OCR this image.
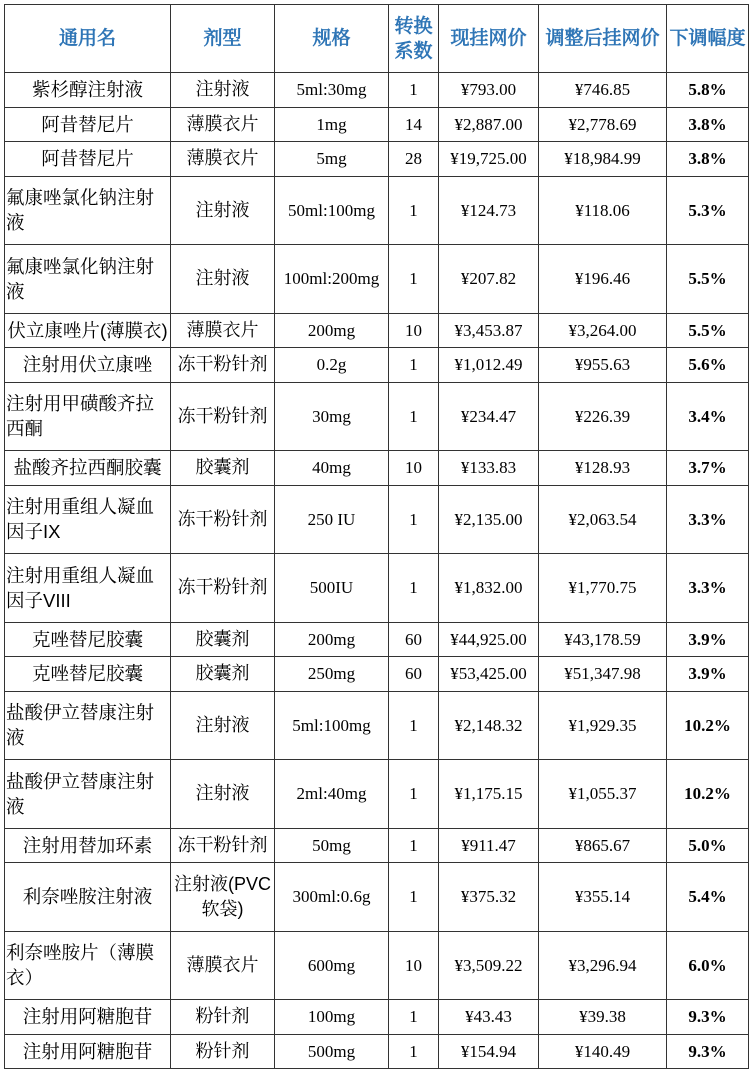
通用名	剂型	规格	转换系数	现挂网价	调整后挂网价	下调幅度
紫杉醇注射液	注射液	5ml:30mg	1	¥793.00	¥746.85	5.8%
阿昔替尼片	薄膜衣片	1mg	14	¥2,887.00	¥2,778.69	3.8%
阿昔替尼片	薄膜衣片	5mg	28	¥19,725.00	¥18,984.99	3.8%
氟康唑氯化钠注射液	注射液	50ml:100mg	1	¥124.73	¥118.06	5.3%
氟康唑氯化钠注射液	注射液	100ml:200mg	1	¥207.82	¥196.46	5.5%
伏立康唑片(薄膜衣)	薄膜衣片	200mg	10	¥3,453.87	¥3,264.00	5.5%
注射用伏立康唑	冻干粉针剂	0.2g	1	¥1,012.49	¥955.63	5.6%
注射用甲磺酸齐拉西酮	冻干粉针剂	30mg	1	¥234.47	¥226.39	3.4%
盐酸齐拉西酮胶囊	胶囊剂	40mg	10	¥133.83	¥128.93	3.7%
注射用重组人凝血因子IX	冻干粉针剂	250 IU	1	¥2,135.00	¥2,063.54	3.3%
注射用重组人凝血因子VIII	冻干粉针剂	500IU	1	¥1,832.00	¥1,770.75	3.3%
克唑替尼胶囊	胶囊剂	200mg	60	¥44,925.00	¥43,178.59	3.9%
克唑替尼胶囊	胶囊剂	250mg	60	¥53,425.00	¥51,347.98	3.9%
盐酸伊立替康注射液	注射液	5ml:100mg	1	¥2,148.32	¥1,929.35	10.2%
盐酸伊立替康注射液	注射液	2ml:40mg	1	¥1,175.15	¥1,055.37	10.2%
注射用替加环素	冻干粉针剂	50mg	1	¥911.47	¥865.67	5.0%
利奈唑胺注射液	注射液(PVC软袋)	300ml:0.6g	1	¥375.32	¥355.14	5.4%
利奈唑胺片（薄膜衣）	薄膜衣片	600mg	10	¥3,509.22	¥3,296.94	6.0%
注射用阿糖胞苷	粉针剂	100mg	1	¥43.43	¥39.38	9.3%
注射用阿糖胞苷	粉针剂	500mg	1	¥154.94	¥140.49	9.3%
